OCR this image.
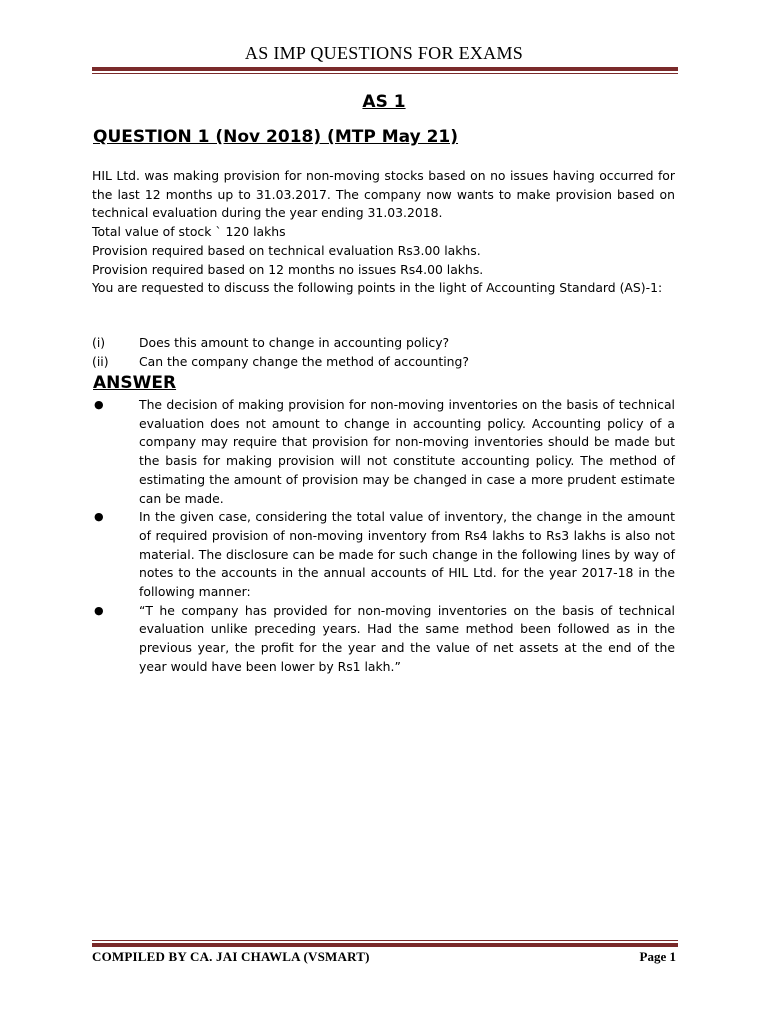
AS IMP QUESTIONS FOR EXAMS
AS 1
QUESTION 1 (Nov 2018) (MTP May 21)

HIL Ltd. was making provision for non-moving stocks based on no issues having occurred for the last 12 months up to 31.03.2017. The company now wants to make provision based on technical evaluation during the year ending 31.03.2018.

Total value of stock ` 120 lakhs

Provision required based on technical evaluation Rs3.00 lakhs.

Provision required based on 12 months no issues Rs4.00 lakhs.

You are requested to discuss the following points in the light of Accounting Standard (AS)-1:

(i)	Does this amount to change in accounting policy?
(ii) Can the company change the method of accounting?
ANSWER
●	The decision of making provision for non-moving inventories on the basis of technical evaluation does not amount to change in accounting policy. Accounting policy of a company may require that provision for non-moving inventories should be made but the basis for making provision will not constitute accounting policy. The method of estimating the amount of provision may be changed in case a more prudent estimate can be made.
●	In the given case, considering the total value of inventory, the change in the amount of required provision of non-moving inventory from Rs4 lakhs to Rs3 lakhs is also not material. The disclosure can be made for such change in the following lines by way of notes to the accounts in the annual accounts of HIL Ltd. for the year 2017-18 in the following manner:
●	“T he company has provided for non-moving inventories on the basis of technical evaluation unlike preceding years. Had the same method been followed as in the previous year, the profit for the year and the value of net assets at the end of the year would have been lower by Rs1 lakh.”
COMPILED BY CA. JAI CHAWLA (VSMART)	Page 1
